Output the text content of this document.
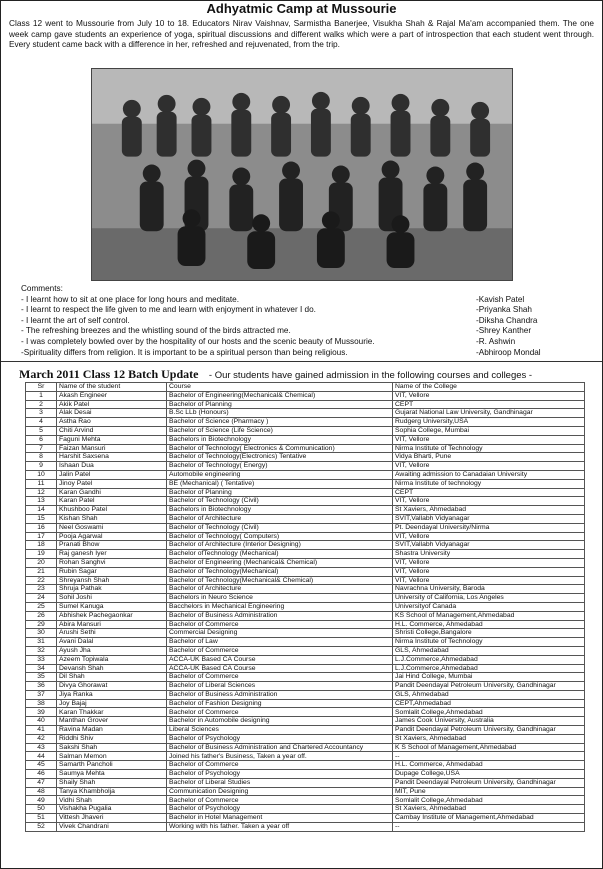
Adhyatmic Camp at Mussourie
Class 12 went to Mussourie from July 10 to 18. Educators Nirav Vaishnav, Sarmistha Banerjee, Visukha Shah & Rajal Ma'am accompanied them. The one week camp gave students an experience of yoga, spiritual discussions and different walks which were a part of introspection that each student went through. Every student came back with a difference in her, refreshed and rejuvenated, from the trip.
Comments:
- I learnt how to sit at one place for long hours and meditate.	-Kavish Patel
- I learnt to respect the life given to me and learn with enjoyment in whatever I do.	-Priyanka Shah
- I learnt the art of self control.	-Diksha Chandra
- The refreshing breezes and the whistling sound of the birds attracted me.	-Shrey Kanther
- I was completely bowled over by the hospitality of our hosts and the scenic beauty of Mussourie.	-R. Ashwin
-Spirituality differs from religion. It is important to be a spiritual person than being religious.	-Abhiroop Mondal
March 2011 Class 12 Batch Update - Our students have gained admission in the following courses and colleges -
Sr	Name of the student	Course	Name of the College
1	Akash Engineer	Bachelor of Engineering(Mechanical& Chemical)	VIT, Vellore
2	Akik Patel	Bachelor of Planning	CEPT
3	Alak Desai	B.Sc LLb (Honours)	Gujarat National Law University, Gandhinagar
4	Astha Rao	Bachelor of Science (Pharmacy )	Rudgerg University,USA
5	Chiti Arvind	Bachelor of Science (Life Science)	Sophia College, Mumbai
6	Faguni Mehta	Bachelors in Biotechnology	VIT, Vellore
7	Faizan Mansuri	Bachelor of Technology( Electronics & Communication)	Nirma Institute of Technology
8	Harshit Saxsena	Bachelor of Technology(Electronics) Tentative	Vidya Bharti, Pune
9	Ishaan Dua	Bachelor of Technology( Energy)	VIT, Vellore
10	Jalin Patel	Automobile engineering	Awaiting admission to Canadaian University
11	Jinoy Patel	BE (Mechanical) ( Tentative)	Nirma Institute of technology
12	Karan Gandhi	Bachelor of Planning	CEPT
13	Karan Patel	Bachelor of Technology (Civil)	VIT, Vellore
14	Khushboo Patel	Bachelors in Biotechnology	St Xaviers, Ahmedabad
15	Kishan Shah	Bachelor of Architecture	SVIT,Vallabh Vidyanagar
16	Neel Goswami	Bachelor of Technology (Civil)	Pt. Deendayal University/Nirma
17	Pooja Agarwal	Bachelor of Technology( Computers)	VIT, Vellore
18	Pranati Bhow	Bachelor of Architecture (Interior Designing)	SVIT,Vallabh Vidyanagar
19	Raj ganesh Iyer	Bachelor ofTechnology (Mechanical)	Shastra University
20	Rohan Sanghvi	Bachelor of Engineering (Mechanical& Chemical)	VIT, Vellore
21	Rubin Sagar	Bachelor of Technology(Mechanical)	VIT, Vellore
22	Shreyansh Shah	Bachelor of Technology(Mechanical& Chemical)	VIT, Vellore
23	Shruja Pathak	Bachelor of Architecture	Navrachna University, Baroda
24	Sohil Joshi	Bachelors in Neuro Science	University of California, Los Angeles
25	Sumel Kanuga	Bacchelors in Mechanical Engineering	Universityof Canada
26	Abhishek Pachegaonkar	Bachelor of Business Administration	KS School of Management,Ahmedabad
29	Abira Mansuri	Bachelor of Commerce	H.L. Commerce, Ahmedabad
30	Arushi Sethi	Commercial Designing	Shristi College,Bangalore
31	Avani Dalal	Bachelor of Law	Nirma Institute of Technology
32	Ayush Jha	Bachelor of Commerce	GLS, Ahmedabad
33	Azeem Topiwala	ACCA-UK Based CA Course	L.J.Commerce,Ahmedabad
34	Devansh Shah	ACCA-UK Based CA Course	L.J.Commerce,Ahmedabad
35	Dil Shah	Bachelor of Commerce	Jai Hind College, Mumbai
36	Divya Ghorawat	Bachelor of Liberal Sciences	Pandit Deendayal Petroleum University, Gandhinagar
37	Jiya Ranka	Bachelor of Business Administration	GLS, Ahmedabad
38	Joy Bajaj	Bachelor of Fashion Designing	CEPT,Ahmedabad
39	Karan Thakkar	Bachelor of Commerce	Somlalit College,Ahmedabad
40	Manthan Grover	Bachelor in Automobile designing	James Cook University, Australia
41	Ravina Madan	Liberal Sciences	Pandit Deendayal Petroleum University, Gandhinagar
42	Riddhi Shiv	Bachelor of Psychology	St Xaviers, Ahmedabad
43	Sakshi Shah	Bachelor of Business Administration and Chartered Accountancy	K S School of Management,Ahmedabad
44	Salman Memon	Joined his father's Business, Taken a year off.	--
45	Samarth Pancholi	Bachelor of Commerce	H.L. Commerce, Ahmedabad
46	Saumya Mehta	Bachelor of Psychology	Dupage College,USA
47	Shaily Shah	Bachelor of Liberal Studies	Pandit Deendayal Petroleum University, Gandhinagar
48	Tanya Khambholja	Communication Designing	MIT, Pune
49	Vidhi Shah	Bachelor of Commerce	Somlalit College,Ahmedabad
50	Vishakha Pugalia	Bachelor of Psychology	St Xaviers, Ahmedabad
51	Vittesh Jhaveri	Bachelor in Hotel Management	Cambay Institute of Management,Ahmedabad
52	Vivek Chandrani	Working with his father. Taken a year off	--
